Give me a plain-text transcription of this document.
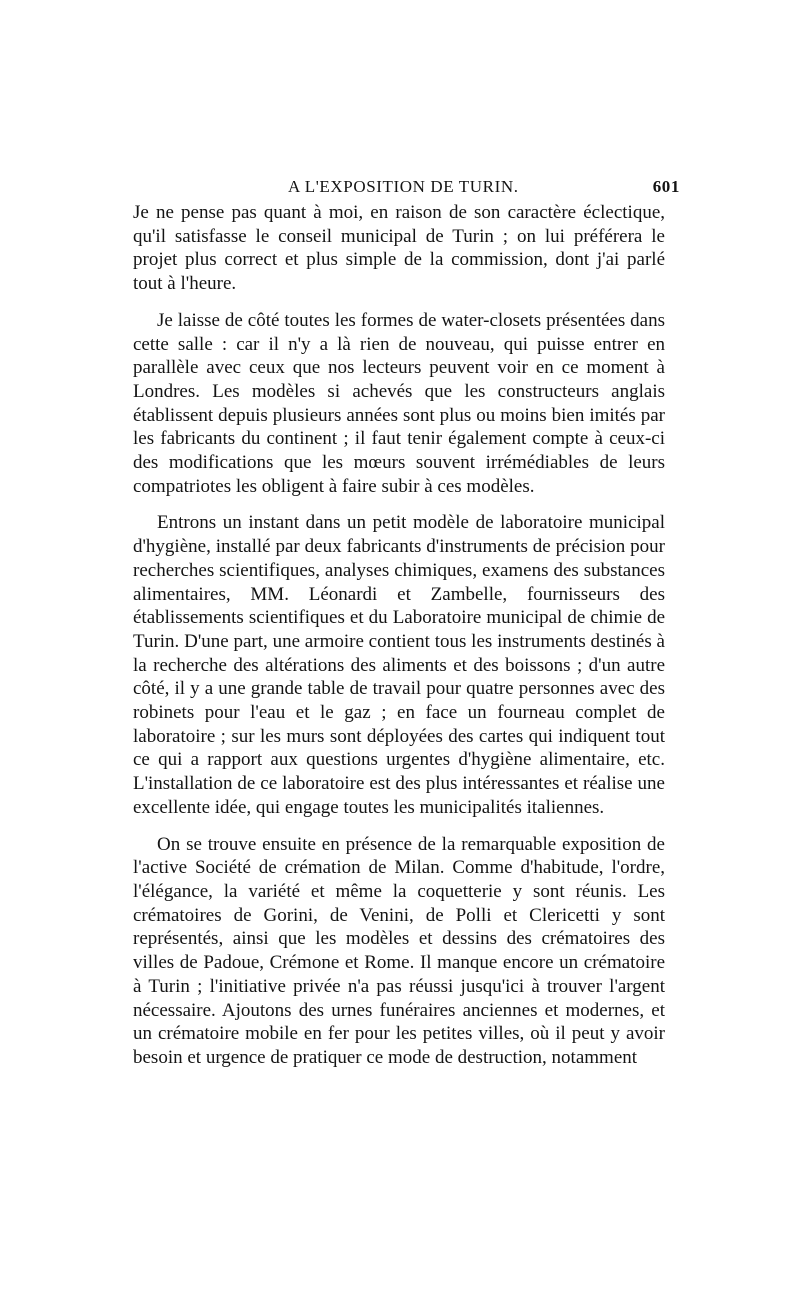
A L'EXPOSITION DE TURIN.	601

Je ne pense pas quant à moi, en raison de son caractère éclectique, qu'il satisfasse le conseil municipal de Turin ; on lui préférera le projet plus correct et plus simple de la commission, dont j'ai parlé tout à l'heure.

Je laisse de côté toutes les formes de water-closets présentées dans cette salle : car il n'y a là rien de nouveau, qui puisse entrer en parallèle avec ceux que nos lecteurs peuvent voir en ce moment à Londres. Les modèles si achevés que les constructeurs anglais établissent depuis plusieurs années sont plus ou moins bien imités par les fabricants du continent ; il faut tenir également compte à ceux-ci des modifications que les mœurs souvent irrémédiables de leurs compatriotes les obligent à faire subir à ces modèles.

Entrons un instant dans un petit modèle de laboratoire municipal d'hygiène, installé par deux fabricants d'instruments de précision pour recherches scientifiques, analyses chimiques, examens des substances alimentaires, MM. Léonardi et Zambelle, fournisseurs des établissements scientifiques et du Laboratoire municipal de chimie de Turin. D'une part, une armoire contient tous les instruments destinés à la recherche des altérations des aliments et des boissons ; d'un autre côté, il y a une grande table de travail pour quatre personnes avec des robinets pour l'eau et le gaz ; en face un fourneau complet de laboratoire ; sur les murs sont déployées des cartes qui indiquent tout ce qui a rapport aux questions urgentes d'hygiène alimentaire, etc. L'installation de ce laboratoire est des plus intéressantes et réalise une excellente idée, qui engage toutes les municipalités italiennes.

On se trouve ensuite en présence de la remarquable exposition de l'active Société de crémation de Milan. Comme d'habitude, l'ordre, l'élégance, la variété et même la coquetterie y sont réunis. Les crématoires de Gorini, de Venini, de Polli et Clericetti y sont représentés, ainsi que les modèles et dessins des crématoires des villes de Padoue, Crémone et Rome. Il manque encore un crématoire à Turin ; l'initiative privée n'a pas réussi jusqu'ici à trouver l'argent nécessaire. Ajoutons des urnes funéraires anciennes et modernes, et un crématoire mobile en fer pour les petites villes, où il peut y avoir besoin et urgence de pratiquer ce mode de destruction, notamment
